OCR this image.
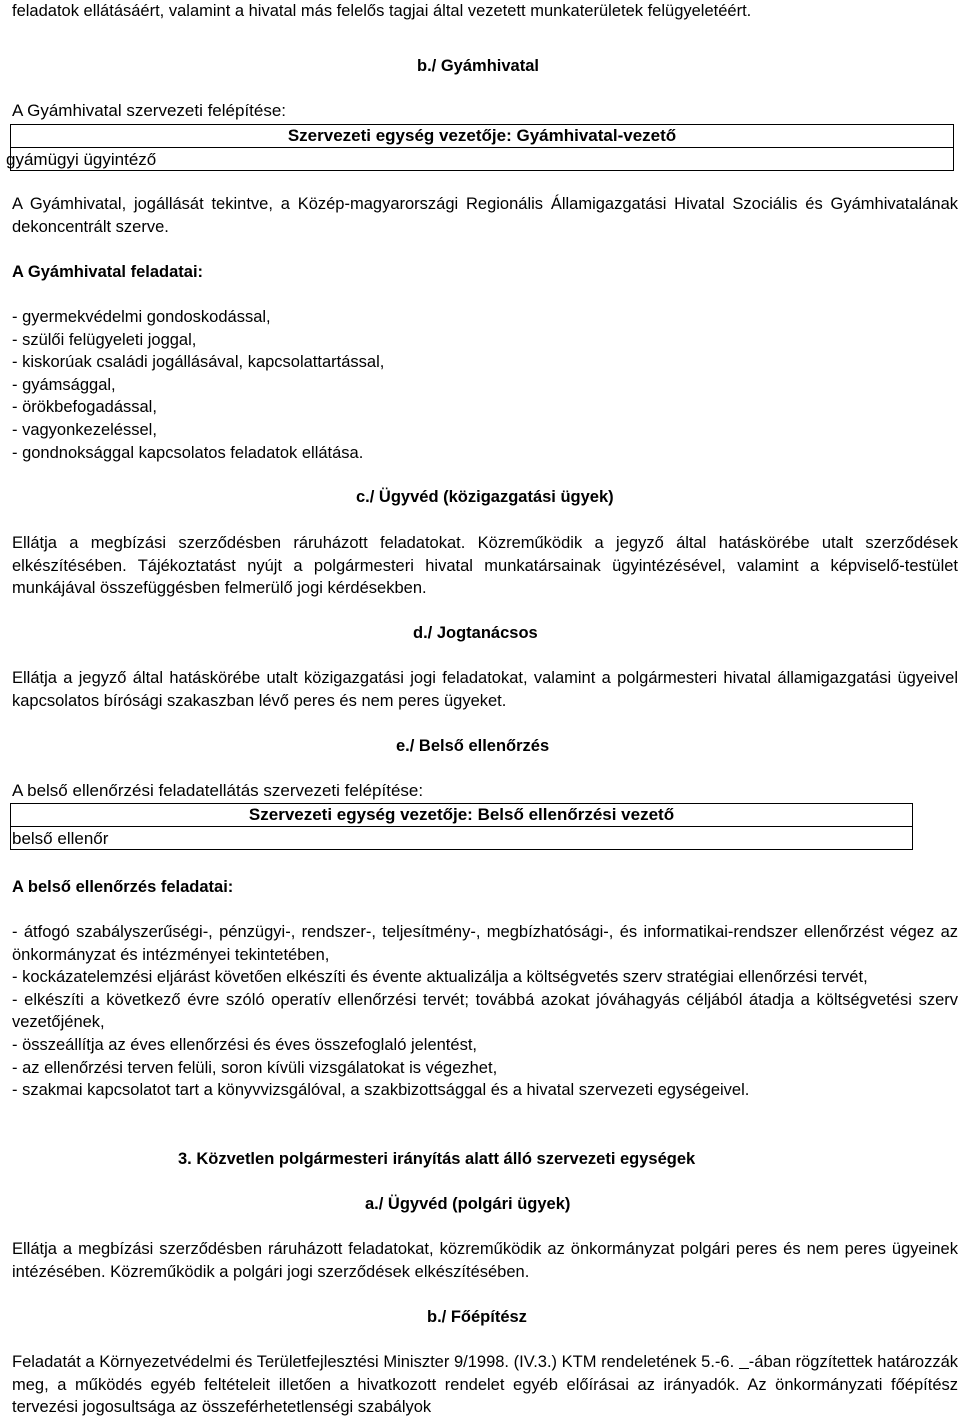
feladatok ellátásáért, valamint a hivatal más felelős tagjai által vezetett munkaterületek felügyeletéért.

b./ Gyámhivatal

A Gyámhivatal szervezeti felépítése:

Szervezeti egység vezetője: Gyámhivatal-vezető
gyámügyi ügyintéző

A Gyámhivatal, jogállását tekintve, a Közép-magyarországi Regionális Államigazgatási Hivatal Szociális és Gyámhivatalának dekoncentrált szerve.

A Gyámhivatal feladatai:

- gyermekvédelmi gondoskodással,
- szülői felügyeleti joggal,
- kiskorúak családi jogállásával, kapcsolattartással,
- gyámsággal,
- örökbefogadással,
- vagyonkezeléssel,
- gondnoksággal kapcsolatos feladatok ellátása.

c./ Ügyvéd (közigazgatási ügyek)

Ellátja a megbízási szerződésben ráruházott feladatokat. Közreműködik a jegyző által hatáskörébe utalt szerződések elkészítésében. Tájékoztatást nyújt a polgármesteri hivatal munkatársainak ügyintézésével, valamint a képviselő-testület munkájával összefüggésben felmerülő jogi kérdésekben.

d./ Jogtanácsos

Ellátja a jegyző által hatáskörébe utalt közigazgatási jogi feladatokat, valamint a polgármesteri hivatal államigazgatási ügyeivel kapcsolatos bírósági szakaszban lévő peres és nem peres ügyeket.

e./ Belső ellenőrzés

A belső ellenőrzési feladatellátás szervezeti felépítése:

Szervezeti egység vezetője: Belső ellenőrzési vezető
belső ellenőr

A belső ellenőrzés feladatai:

- átfogó szabályszerűségi-, pénzügyi-, rendszer-, teljesítmény-, megbízhatósági-, és informatikai-rendszer ellenőrzést végez az önkormányzat és intézményei tekintetében,
- kockázatelemzési eljárást követően elkészíti és évente aktualizálja a költségvetés szerv stratégiai ellenőrzési tervét,
- elkészíti a következő évre szóló operatív ellenőrzési tervét; továbbá azokat jóváhagyás céljából átadja a költségvetési szerv vezetőjének,
- összeállítja az éves ellenőrzési és éves összefoglaló jelentést,
- az ellenőrzési terven felüli, soron kívüli vizsgálatokat is végezhet,
- szakmai kapcsolatot tart a könyvvizsgálóval, a szakbizottsággal és a hivatal szervezeti egységeivel.

3. Közvetlen polgármesteri irányítás alatt álló szervezeti egységek

a./ Ügyvéd (polgári ügyek)

Ellátja a megbízási szerződésben ráruházott feladatokat, közreműködik az önkormányzat polgári peres és nem peres ügyeinek intézésében. Közreműködik a polgári jogi szerződések elkészítésében.

b./ Főépítész

Feladatát a Környezetvédelmi és Területfejlesztési Miniszter 9/1998. (IV.3.) KTM rendeletének 5.-6. -ában rögzítettek határozzák meg, a működés egyéb feltételeit illetően a hivatkozott rendelet egyéb előírásai az irányadók. Az önkormányzati főépítész tervezési jogosultsága az összeférhetetlenségi szabályok
